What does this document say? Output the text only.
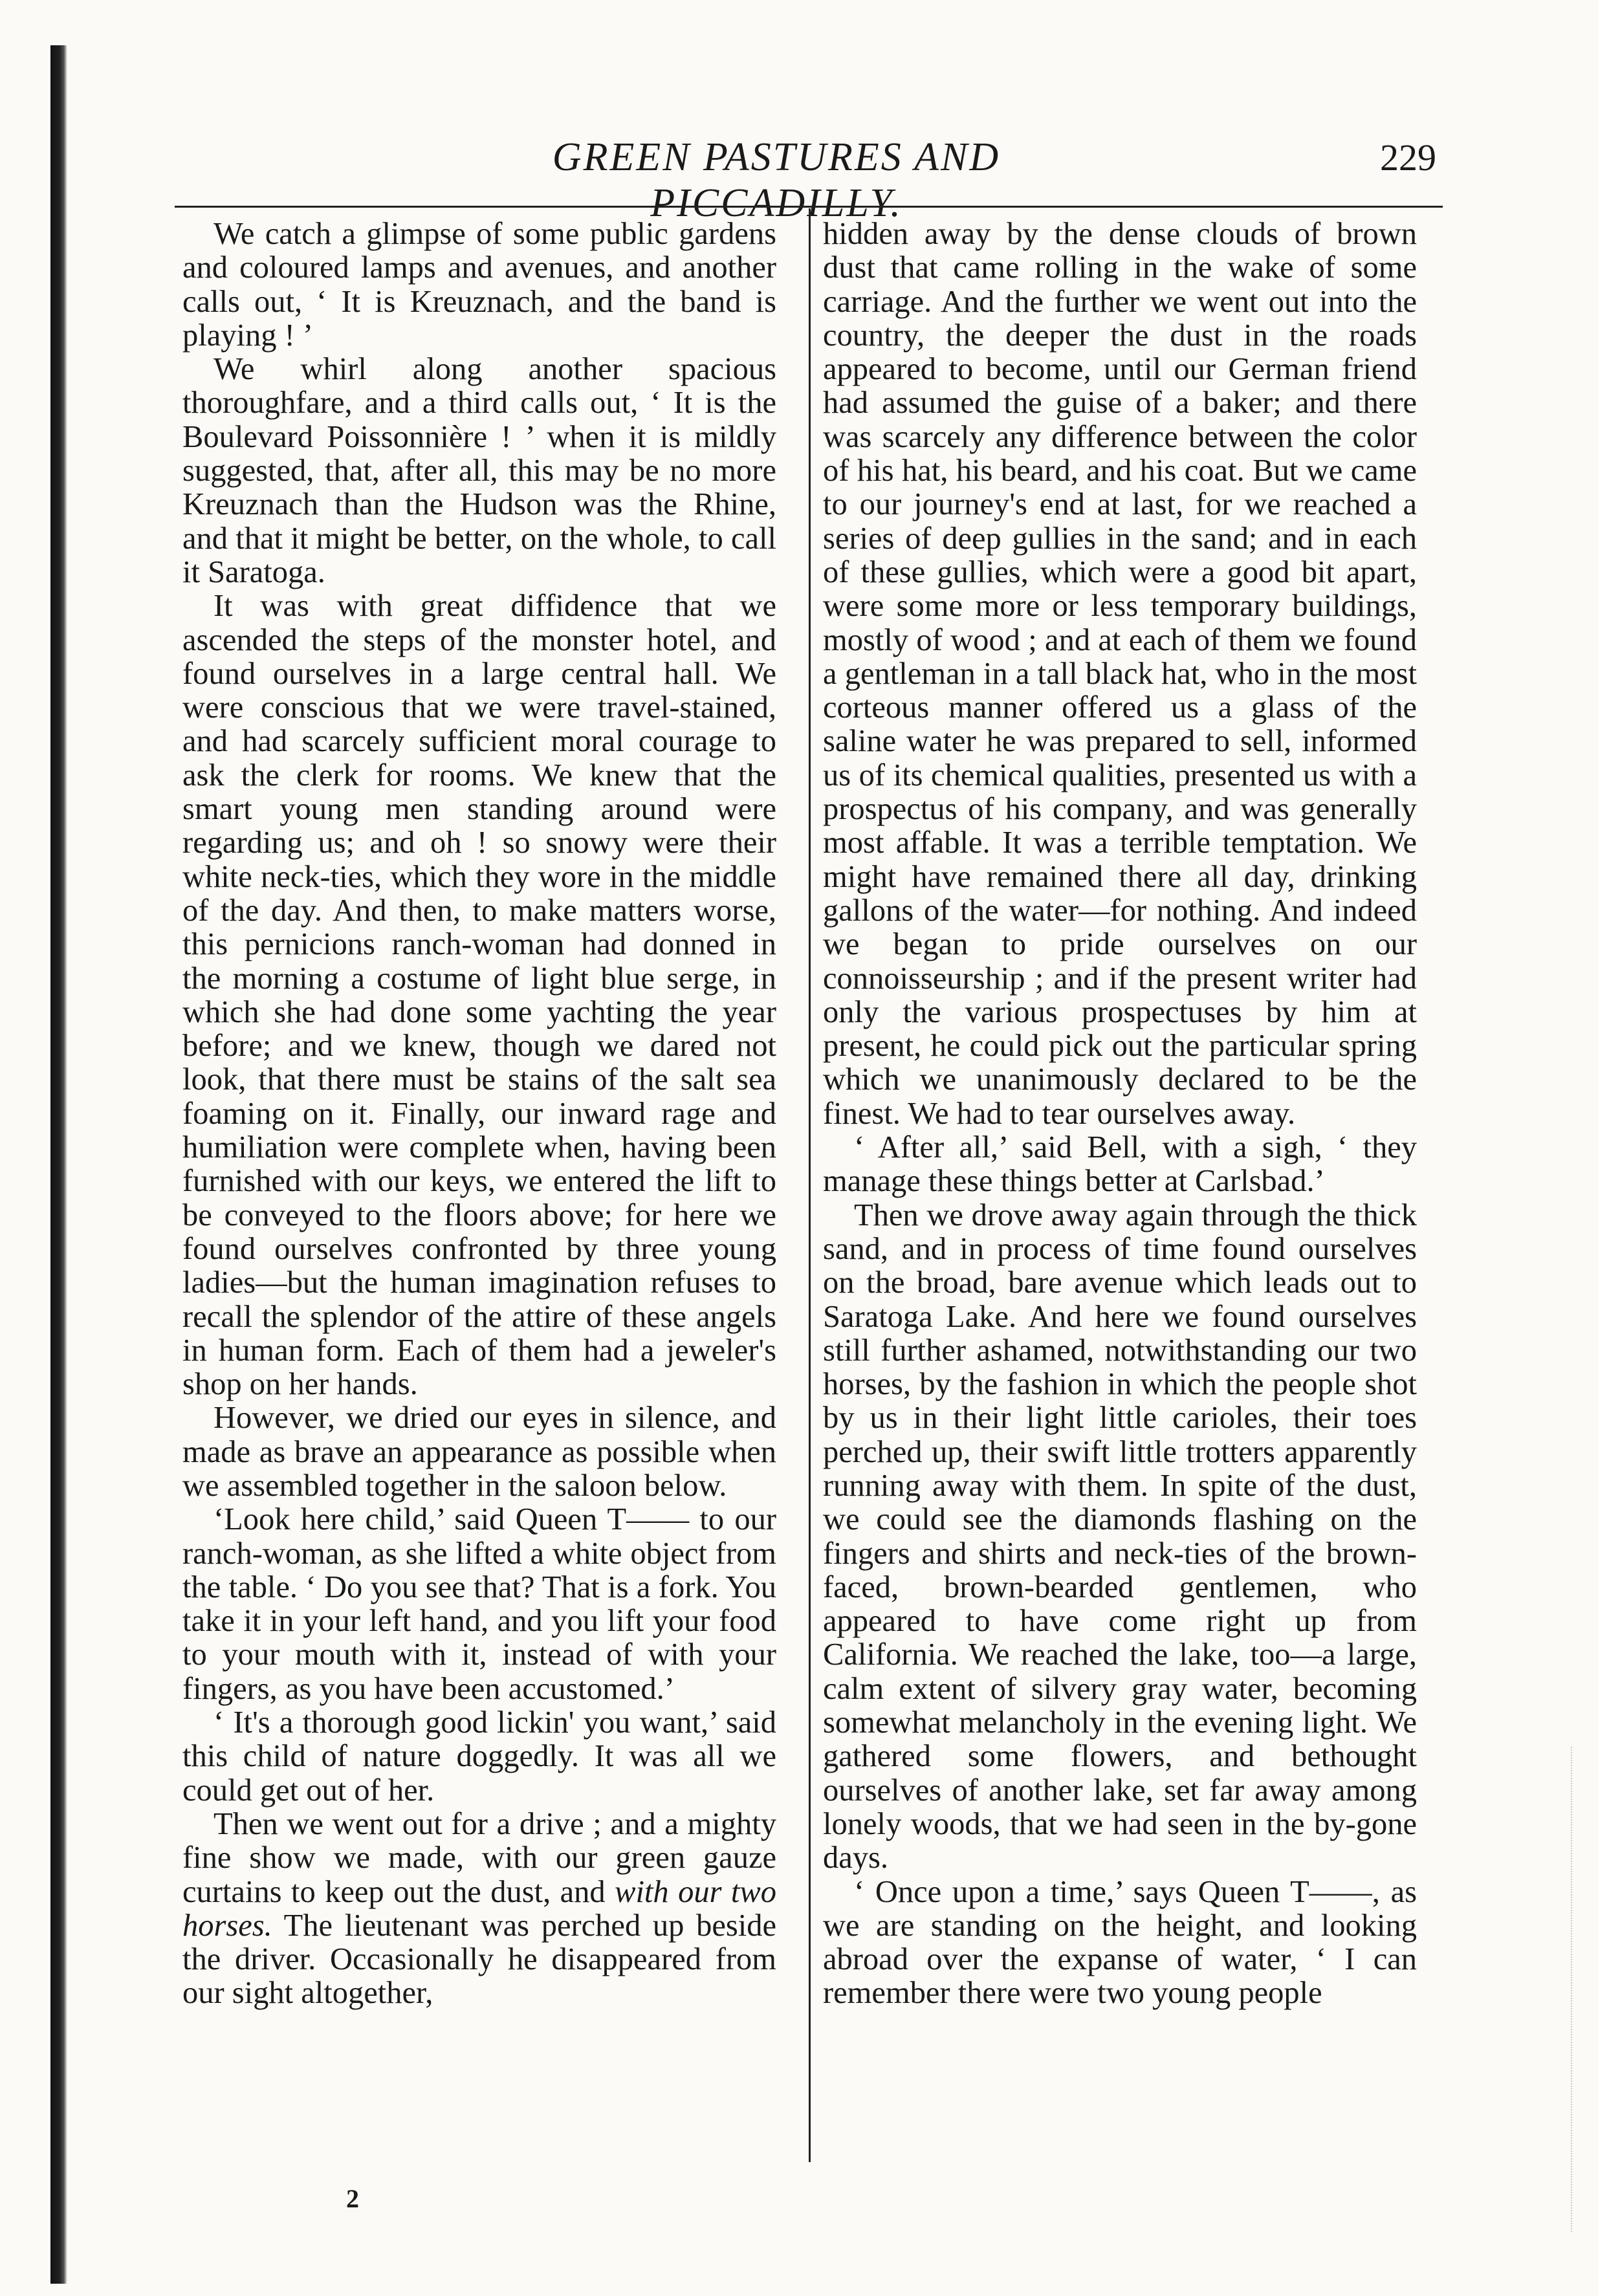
GREEN PASTURES AND PICCADILLY.
229

We catch a glimpse of some public gardens and coloured lamps and avenues, and another calls out, ‘ It is Kreuznach, and the band is playing ! ’

We whirl along another spacious thoroughfare, and a third calls out, ‘ It is the Boulevard Poissonnière ! ’ when it is mildly suggested, that, after all, this may be no more Kreuznach than the Hudson was the Rhine, and that it might be better, on the whole, to call it Saratoga.

It was with great diffidence that we ascended the steps of the monster hotel, and found ourselves in a large central hall. We were conscious that we were travel-stained, and had scarcely sufficient moral courage to ask the clerk for rooms. We knew that the smart young men standing around were regarding us; and oh ! so snowy were their white neck-ties, which they wore in the middle of the day. And then, to make matters worse, this pernicions ranch-woman had donned in the morning a costume of light blue serge, in which she had done some yachting the year before; and we knew, though we dared not look, that there must be stains of the salt sea foaming on it. Finally, our inward rage and humiliation were complete when, having been furnished with our keys, we entered the lift to be conveyed to the floors above; for here we found ourselves confronted by three young ladies—but the human imagination refuses to recall the splendor of the attire of these angels in human form. Each of them had a jeweler's shop on her hands.

However, we dried our eyes in silence, and made as brave an appearance as possible when we assembled together in the saloon below.

‘Look here child,’ said Queen T—— to our ranch-woman, as she lifted a white object from the table. ‘ Do you see that? That is a fork. You take it in your left hand, and you lift your food to your mouth with it, instead of with your fingers, as you have been accustomed.’

‘ It's a thorough good lickin' you want,’ said this child of nature doggedly. It was all we could get out of her.

Then we went out for a drive ; and a mighty fine show we made, with our green gauze curtains to keep out the dust, and with our two horses. The lieutenant was perched up beside the driver. Occasionally he disappeared from our sight altogether,

hidden away by the dense clouds of brown dust that came rolling in the wake of some carriage. And the further we went out into the country, the deeper the dust in the roads appeared to become, until our German friend had assumed the guise of a baker; and there was scarcely any difference between the color of his hat, his beard, and his coat. But we came to our journey's end at last, for we reached a series of deep gullies in the sand; and in each of these gullies, which were a good bit apart, were some more or less temporary buildings, mostly of wood ; and at each of them we found a gentleman in a tall black hat, who in the most corteous manner offered us a glass of the saline water he was prepared to sell, informed us of its chemical qualities, presented us with a prospectus of his company, and was generally most affable. It was a terrible temptation. We might have remained there all day, drinking gallons of the water—for nothing. And indeed we began to pride ourselves on our connoisseurship ; and if the present writer had only the various prospectuses by him at present, he could pick out the particular spring which we unanimously declared to be the finest. We had to tear ourselves away.

‘ After all,’ said Bell, with a sigh, ‘ they manage these things better at Carlsbad.’

Then we drove away again through the thick sand, and in process of time found ourselves on the broad, bare avenue which leads out to Saratoga Lake. And here we found ourselves still further ashamed, notwithstanding our two horses, by the fashion in which the people shot by us in their light little carioles, their toes perched up, their swift little trotters apparently running away with them. In spite of the dust, we could see the diamonds flashing on the fingers and shirts and neck-ties of the brown-faced, brown-bearded gentlemen, who appeared to have come right up from California. We reached the lake, too—a large, calm extent of silvery gray water, becoming somewhat melancholy in the evening light. We gathered some flowers, and bethought ourselves of another lake, set far away among lonely woods, that we had seen in the by-gone days.

‘ Once upon a time,’ says Queen T——, as we are standing on the height, and looking abroad over the expanse of water, ‘ I can remember there were two young people

2
